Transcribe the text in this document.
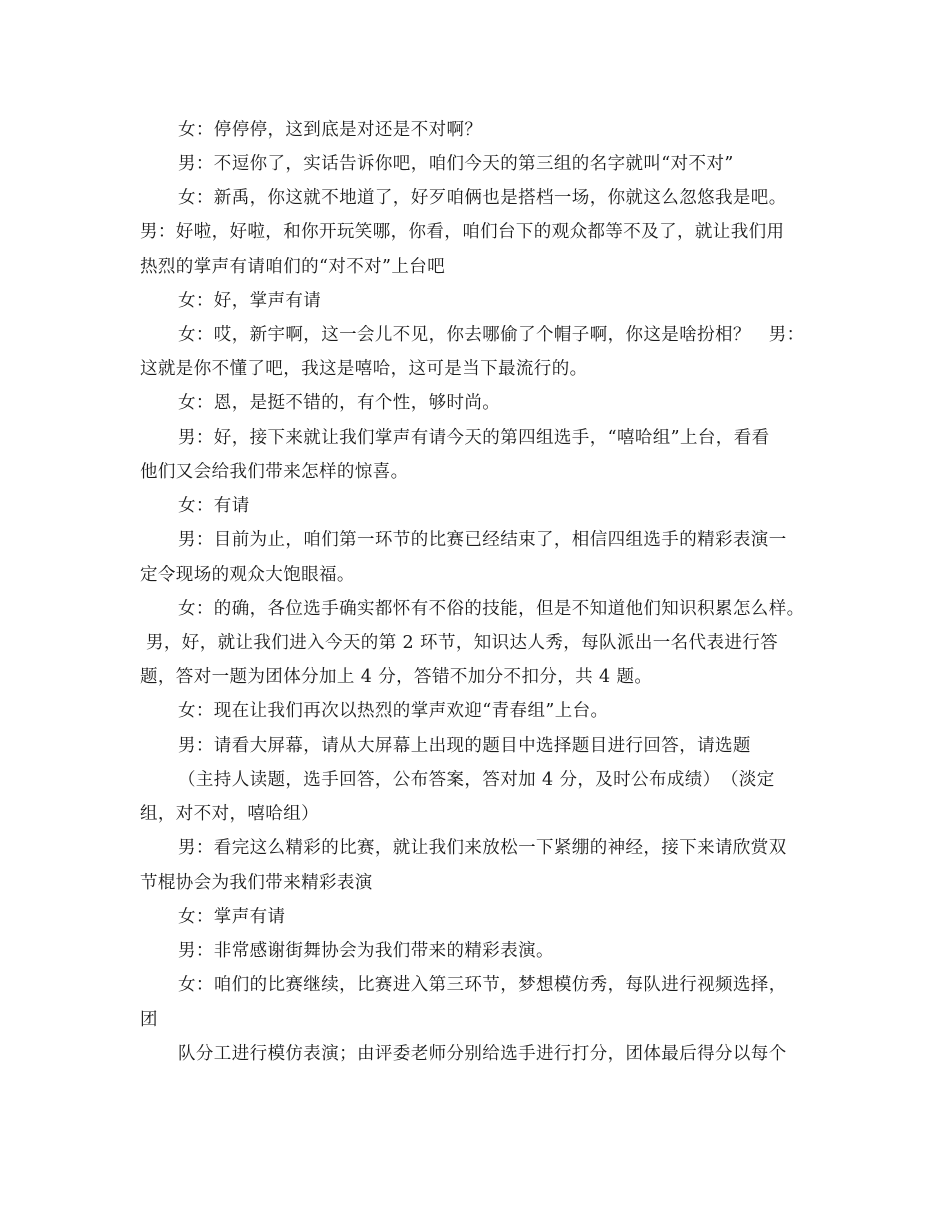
女：停停停，这到底是对还是不对啊？
男：不逗你了，实话告诉你吧，咱们今天的第三组的名字就叫“对不对”
女：新禹，你这就不地道了，好歹咱俩也是搭档一场，你就这么忽悠我是吧。
男：好啦，好啦，和你开玩笑哪，你看，咱们台下的观众都等不及了，就让我们用
热烈的掌声有请咱们的“对不对”上台吧
女：好，掌声有请
女：哎，新宇啊，这一会儿不见，你去哪偷了个帽子啊，你这是啥扮相？　男：
这就是你不懂了吧，我这是嘻哈，这可是当下最流行的。
女：恩，是挺不错的，有个性，够时尚。
男：好，接下来就让我们掌声有请今天的第四组选手，“嘻哈组”上台，看看
他们又会给我们带来怎样的惊喜。
女：有请
男：目前为止，咱们第一环节的比赛已经结束了，相信四组选手的精彩表演一
定令现场的观众大饱眼福。
女：的确，各位选手确实都怀有不俗的技能，但是不知道他们知识积累怎么样。
男，好，就让我们进入今天的第 2 环节，知识达人秀，每队派出一名代表进行答
题，答对一题为团体分加上 4 分，答错不加分不扣分，共 4 题。
女：现在让我们再次以热烈的掌声欢迎“青春组”上台。
男：请看大屏幕，请从大屏幕上出现的题目中选择题目进行回答，请选题
（主持人读题，选手回答，公布答案，答对加 4 分，及时公布成绩）　（淡定
组，对不对，嘻哈组）
男：看完这么精彩的比赛，就让我们来放松一下紧绷的神经，接下来请欣赏双
节棍协会为我们带来精彩表演
女：掌声有请
男：非常感谢街舞协会为我们带来的精彩表演。
女：咱们的比赛继续，比赛进入第三环节，梦想模仿秀，每队进行视频选择，
团
队分工进行模仿表演；由评委老师分别给选手进行打分，团体最后得分以每个
